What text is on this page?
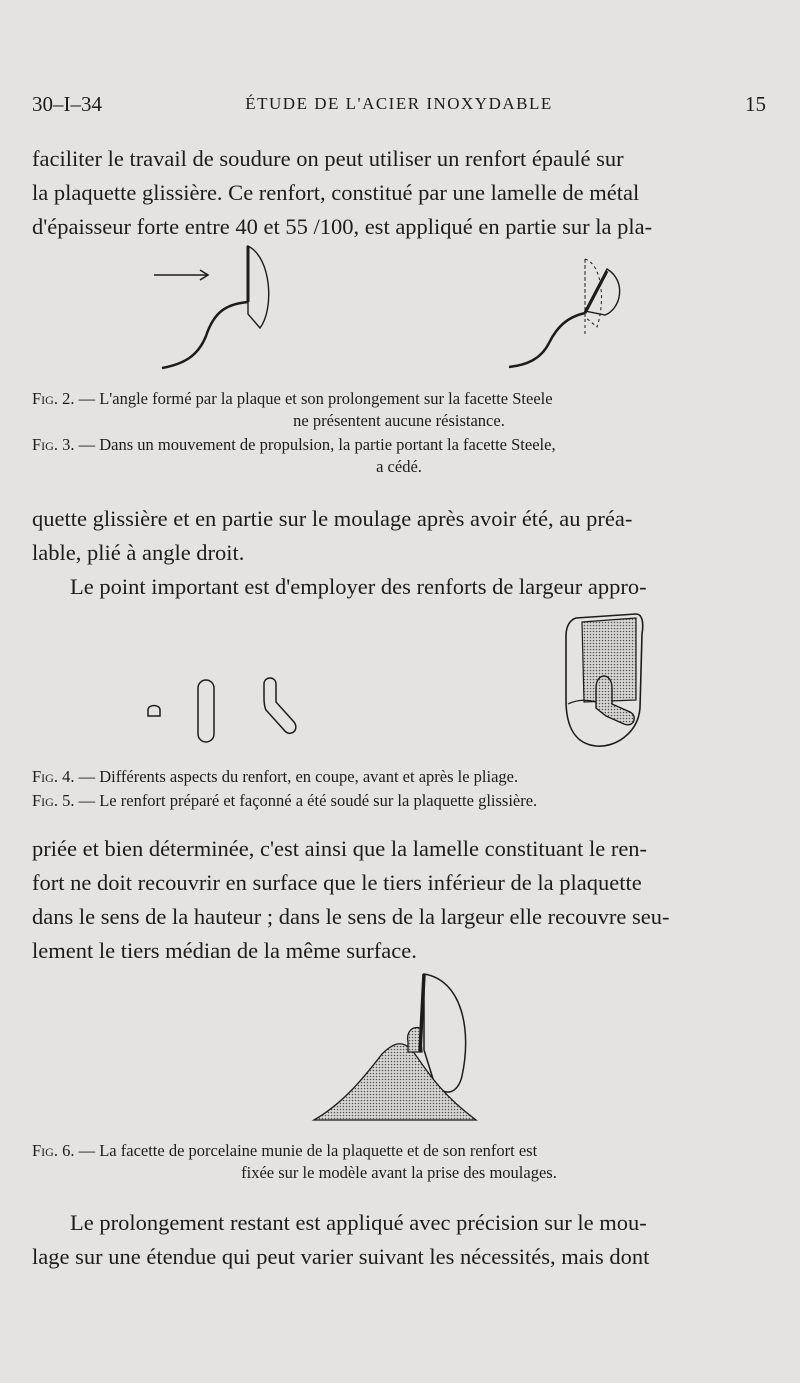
30–I–34	ÉTUDE DE L'ACIER INOXYDABLE	15

faciliter le travail de soudure on peut utiliser un renfort épaulé sur

la plaquette glissière. Ce renfort, constitué par une lamelle de métal

d'épaisseur forte entre 40 et 55 /100, est appliqué en partie sur la pla-

Fig. 2. — L'angle formé par la plaque et son prolongement sur la facette Steele

ne présentent aucune résistance.

Fig. 3. — Dans un mouvement de propulsion, la partie portant la facette Steele,

a cédé.

quette glissière et en partie sur le moulage après avoir été, au préa-

lable, plié à angle droit.

Le point important est d'employer des renforts de largeur appro-

Fig. 4. — Différents aspects du renfort, en coupe, avant et après le pliage.

Fig. 5. — Le renfort préparé et façonné a été soudé sur la plaquette glissière.

priée et bien déterminée, c'est ainsi que la lamelle constituant le ren-

fort ne doit recouvrir en surface que le tiers inférieur de la plaquette

dans le sens de la hauteur ; dans le sens de la largeur elle recouvre seu-

lement le tiers médian de la même surface.

Fig. 6. — La facette de porcelaine munie de la plaquette et de son renfort est

fixée sur le modèle avant la prise des moulages.

Le prolongement restant est appliqué avec précision sur le mou-

lage sur une étendue qui peut varier suivant les nécessités, mais dont
